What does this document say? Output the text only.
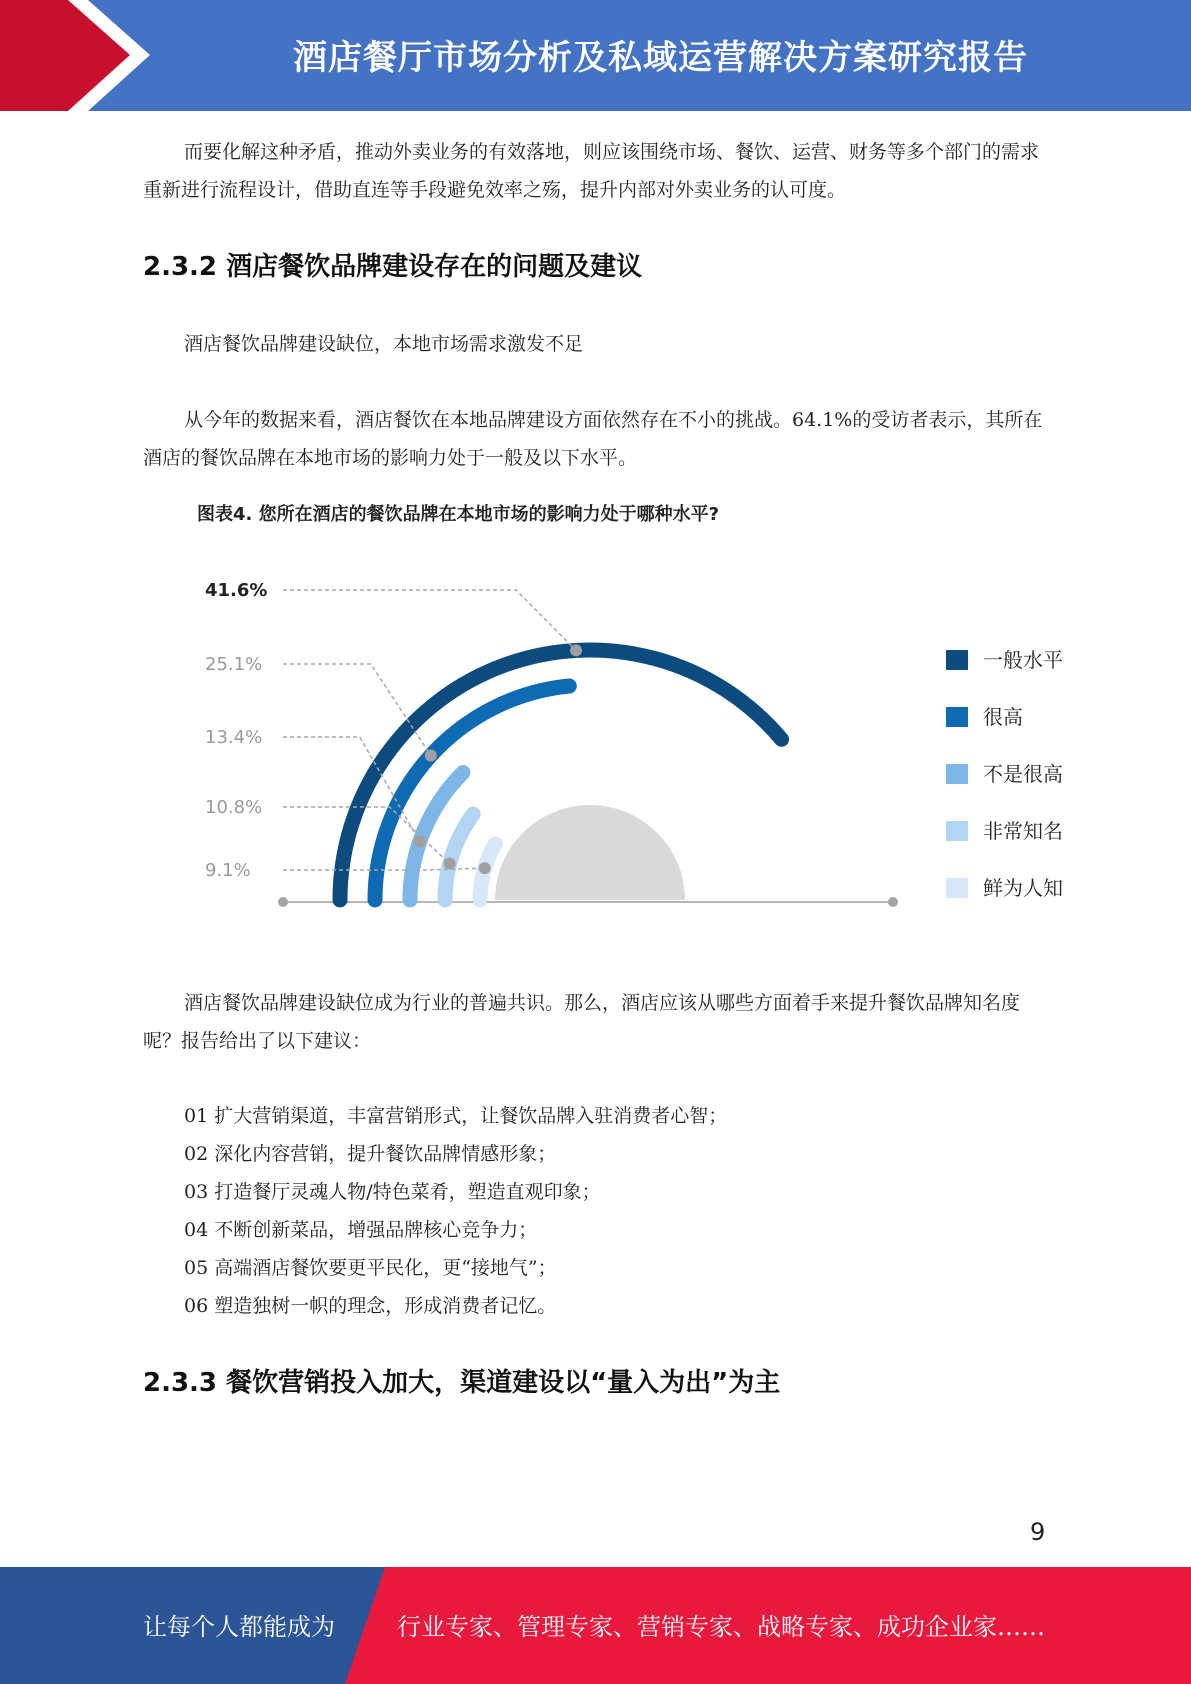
酒店餐厅市场分析及私域运营解决方案研究报告

而要化解这种矛盾，推动外卖业务的有效落地，则应该围绕市场、餐饮、运营、财务等多个部门的需求重新进行流程设计，借助直连等手段避免效率之殇，提升内部对外卖业务的认可度。

2.3.2 酒店餐饮品牌建设存在的问题及建议

酒店餐饮品牌建设缺位，本地市场需求激发不足

从今年的数据来看，酒店餐饮在本地品牌建设方面依然存在不小的挑战。64.1%的受访者表示，其所在酒店的餐饮品牌在本地市场的影响力处于一般及以下水平。

图表4. 您所在酒店的餐饮品牌在本地市场的影响力处于哪种水平?
41.6%
25.1%
13.4%
10.8%
9.1%
一般水平
很高
不是很高
非常知名
鲜为人知

酒店餐饮品牌建设缺位成为行业的普遍共识。那么，酒店应该从哪些方面着手来提升餐饮品牌知名度呢？报告给出了以下建议：

01 扩大营销渠道，丰富营销形式，让餐饮品牌入驻消费者心智；
02 深化内容营销，提升餐饮品牌情感形象；
03 打造餐厅灵魂人物/特色菜肴，塑造直观印象；
04 不断创新菜品，增强品牌核心竞争力；
05 高端酒店餐饮要更平民化，更“接地气”；
06 塑造独树一帜的理念，形成消费者记忆。
2.3.3 餐饮营销投入加大，渠道建设以“量入为出”为主
9
让每个人都能成为	行业专家、管理专家、营销专家、战略专家、成功企业家……
